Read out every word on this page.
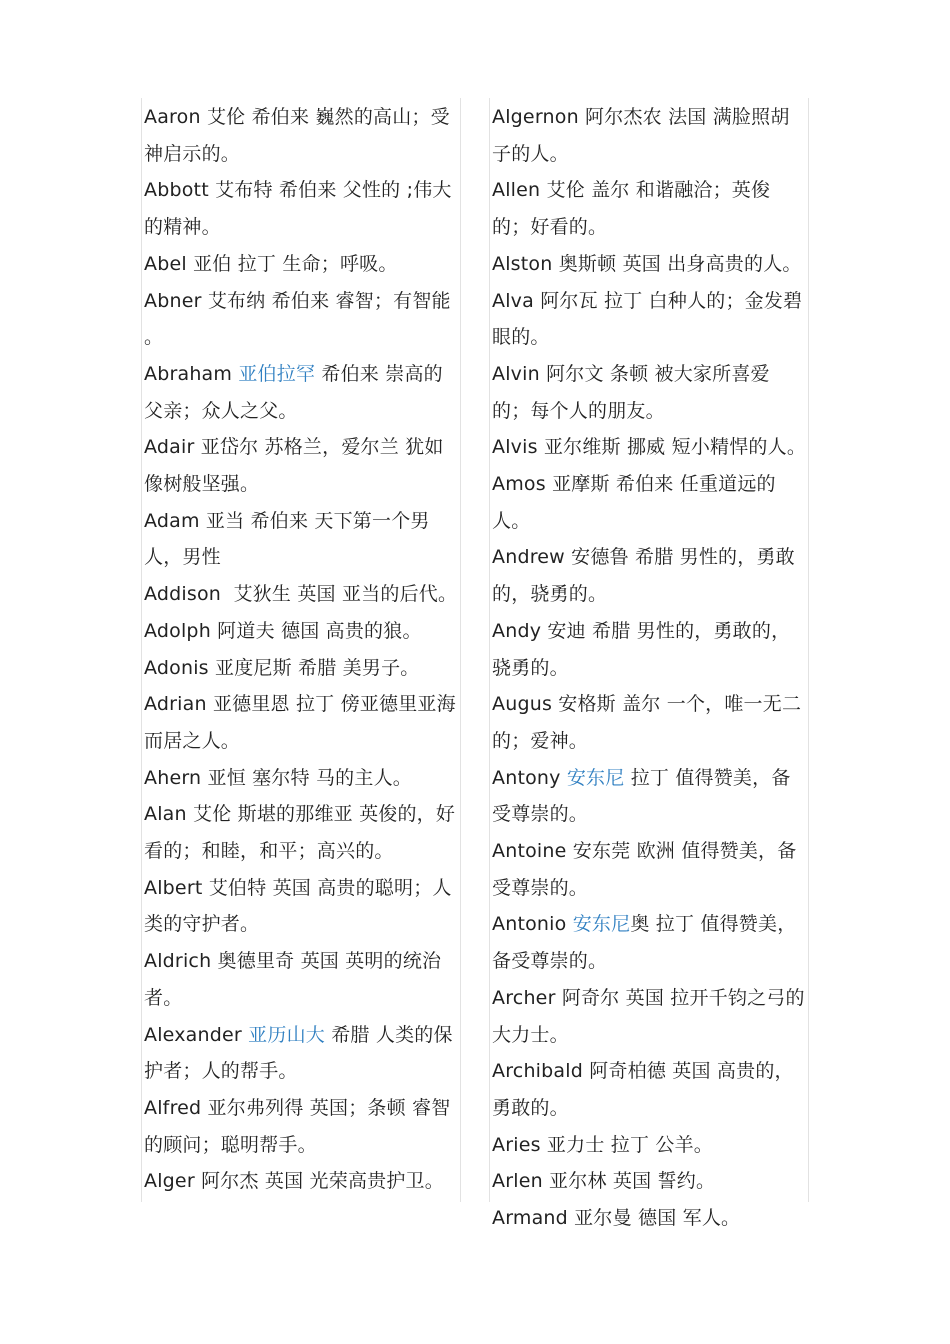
Aaron 艾伦 希伯来 巍然的高山；受神启示的。

Abbott 艾布特 希伯来 父性的 ;伟大的精神。

Abel 亚伯 拉丁 生命；呼吸。

Abner 艾布纳 希伯来 睿智；有智能  。

Abraham 亚伯拉罕 希伯来 崇高的父亲；众人之父。

Adair 亚岱尔 苏格兰，爱尔兰 犹如像树般坚强。

Adam 亚当 希伯来 天下第一个男人，男性

Addison  艾狄生 英国 亚当的后代。

Adolph 阿道夫 德国 高贵的狼。

Adonis 亚度尼斯 希腊 美男子。

Adrian 亚德里恩 拉丁 傍亚德里亚海而居之人。

Ahern 亚恒 塞尔特 马的主人。

Alan 艾伦 斯堪的那维亚 英俊的，好看的；和睦，和平；高兴的。

Albert 艾伯特 英国 高贵的聪明；人类的守护者。

Aldrich 奥德里奇 英国 英明的统治者。

Alexander 亚历山大 希腊 人类的保护者；人的帮手。

Alfred 亚尔弗列得 英国；条顿 睿智的顾问；聪明帮手。

Alger 阿尔杰 英国 光荣高贵护卫。

Algernon 阿尔杰农 法国 满脸照胡子的人。

Allen 艾伦 盖尔 和谐融洽；英俊的；好看的。

Alston 奥斯顿 英国 出身高贵的人。

Alva 阿尔瓦 拉丁 白种人的；金发碧眼的。

Alvin 阿尔文 条顿 被大家所喜爱的；每个人的朋友。

Alvis 亚尔维斯 挪威 短小精悍的人。

Amos 亚摩斯 希伯来 任重道远的人。

Andrew 安德鲁 希腊 男性的，勇敢的，骁勇的。

Andy 安迪 希腊 男性的，勇敢的，骁勇的。

Augus 安格斯 盖尔 一个，唯一无二的；爱神。

Antony 安东尼 拉丁 值得赞美，备受尊崇的。

Antoine 安东莞 欧洲 值得赞美，备受尊崇的。

Antonio 安东尼奥 拉丁 值得赞美，备受尊崇的。

Archer 阿奇尔 英国 拉开千钧之弓的大力士。

Archibald 阿奇柏德 英国 高贵的，勇敢的。

Aries 亚力士 拉丁 公羊。

Arlen 亚尔林 英国 誓约。

Armand 亚尔曼 德国 军人。
